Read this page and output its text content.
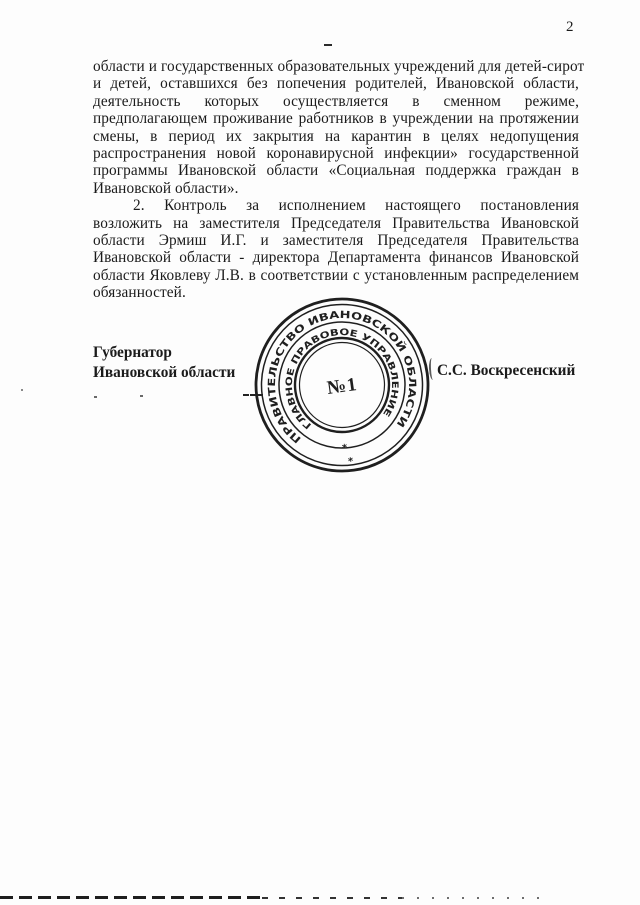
2
области и государственных образовательных учреждений для детей-сирот
и детей, оставшихся без попечения родителей, Ивановской области,
деятельность которых осуществляется в сменном режиме,
предполагающем проживание работников в учреждении на протяжении
смены, в период их закрытия на карантин в целях недопущения
распространения новой коронавирусной инфекции» государственной
программы Ивановской области «Социальная поддержка граждан в
Ивановской области».
2. Контроль за исполнением настоящего постановления
возложить на заместителя Председателя Правительства Ивановской
области Эрмиш И.Г. и заместителя Председателя Правительства
Ивановской области - директора Департамента финансов Ивановской
области Яковлеву Л.В. в соответствии с установленным распределением
обязанностей.
Губернатор
Ивановской области	С.С. Воскресенский
ПРАВИТЕЛЬСТВО ИВАНОВСКОЙ ОБЛАСТИ
ГЛАВНОЕ ПРАВОВОЕ УПРАВЛЕНИЕ
*
*
№1
